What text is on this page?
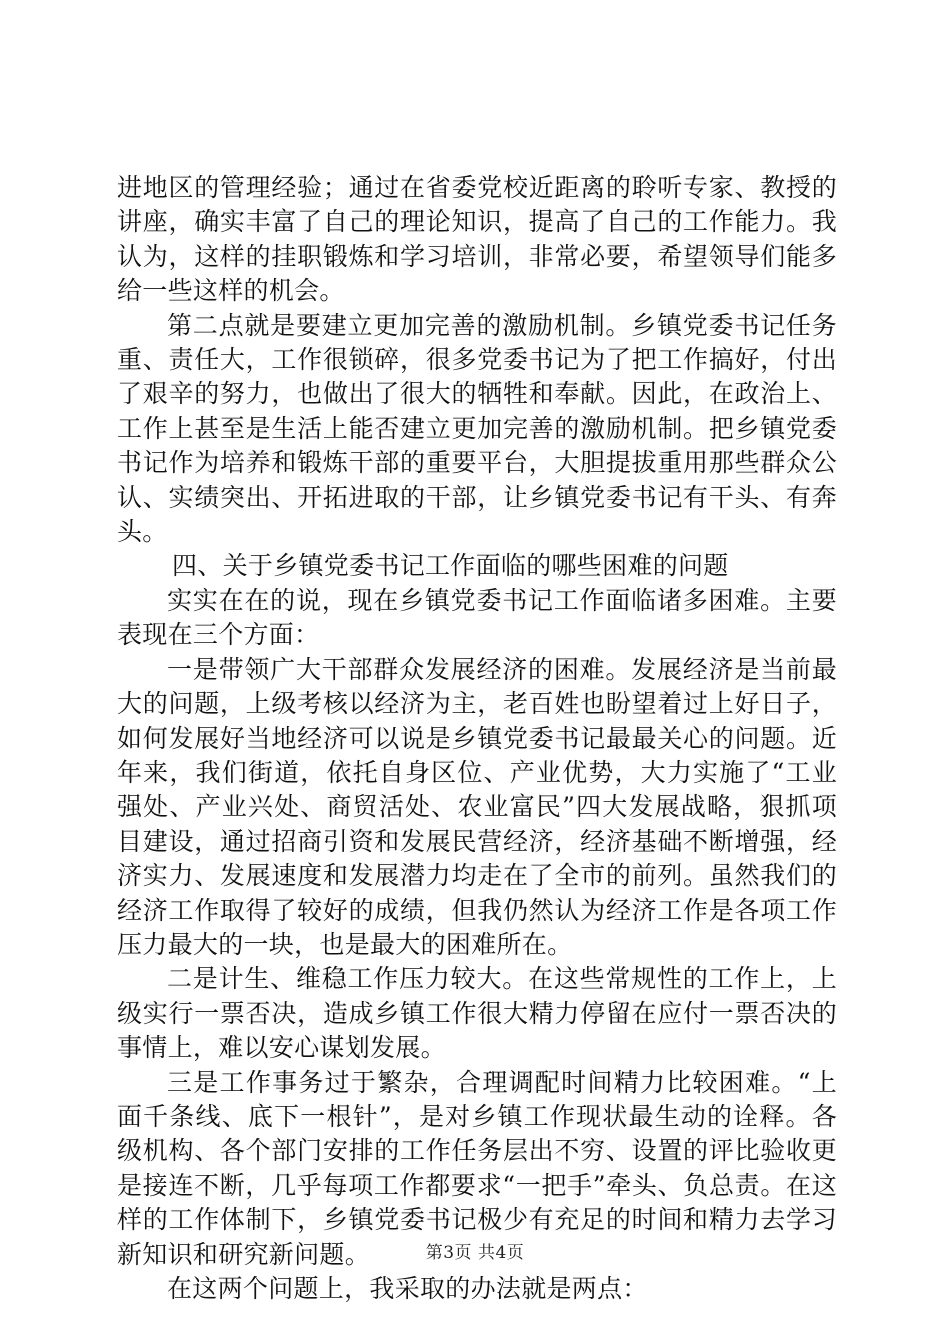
进地区的管理经验；通过在省委党校近距离的聆听专家、教授的讲座，确实丰富了自己的理论知识，提高了自己的工作能力。我认为，这样的挂职锻炼和学习培训，非常必要，希望领导们能多给一些这样的机会。

第二点就是要建立更加完善的激励机制。乡镇党委书记任务重、责任大，工作很锁碎，很多党委书记为了把工作搞好，付出了艰辛的努力，也做出了很大的牺牲和奉献。因此，在政治上、工作上甚至是生活上能否建立更加完善的激励机制。把乡镇党委书记作为培养和锻炼干部的重要平台，大胆提拔重用那些群众公认、实绩突出、开拓进取的干部，让乡镇党委书记有干头、有奔头。

四、关于乡镇党委书记工作面临的哪些困难的问题

实实在在的说，现在乡镇党委书记工作面临诸多困难。主要表现在三个方面：

一是带领广大干部群众发展经济的困难。发展经济是当前最大的问题，上级考核以经济为主，老百姓也盼望着过上好日子，如何发展好当地经济可以说是乡镇党委书记最最关心的问题。近年来，我们街道，依托自身区位、产业优势，大力实施了“工业强处、产业兴处、商贸活处、农业富民”四大发展战略，狠抓项目建设，通过招商引资和发展民营经济，经济基础不断增强，经济实力、发展速度和发展潜力均走在了全市的前列。虽然我们的经济工作取得了较好的成绩，但我仍然认为经济工作是各项工作压力最大的一块，也是最大的困难所在。

二是计生、维稳工作压力较大。在这些常规性的工作上，上级实行一票否决，造成乡镇工作很大精力停留在应付一票否决的事情上，难以安心谋划发展。

三是工作事务过于繁杂，合理调配时间精力比较困难。“上面千条线、底下一根针”，是对乡镇工作现状最生动的诠释。各级机构、各个部门安排的工作任务层出不穷、设置的评比验收更是接连不断，几乎每项工作都要求“一把手”牵头、负总责。在这样的工作体制下，乡镇党委书记极少有充足的时间和精力去学习新知识和研究新问题。

在这两个问题上，我采取的办法就是两点：

第3页 共4页
